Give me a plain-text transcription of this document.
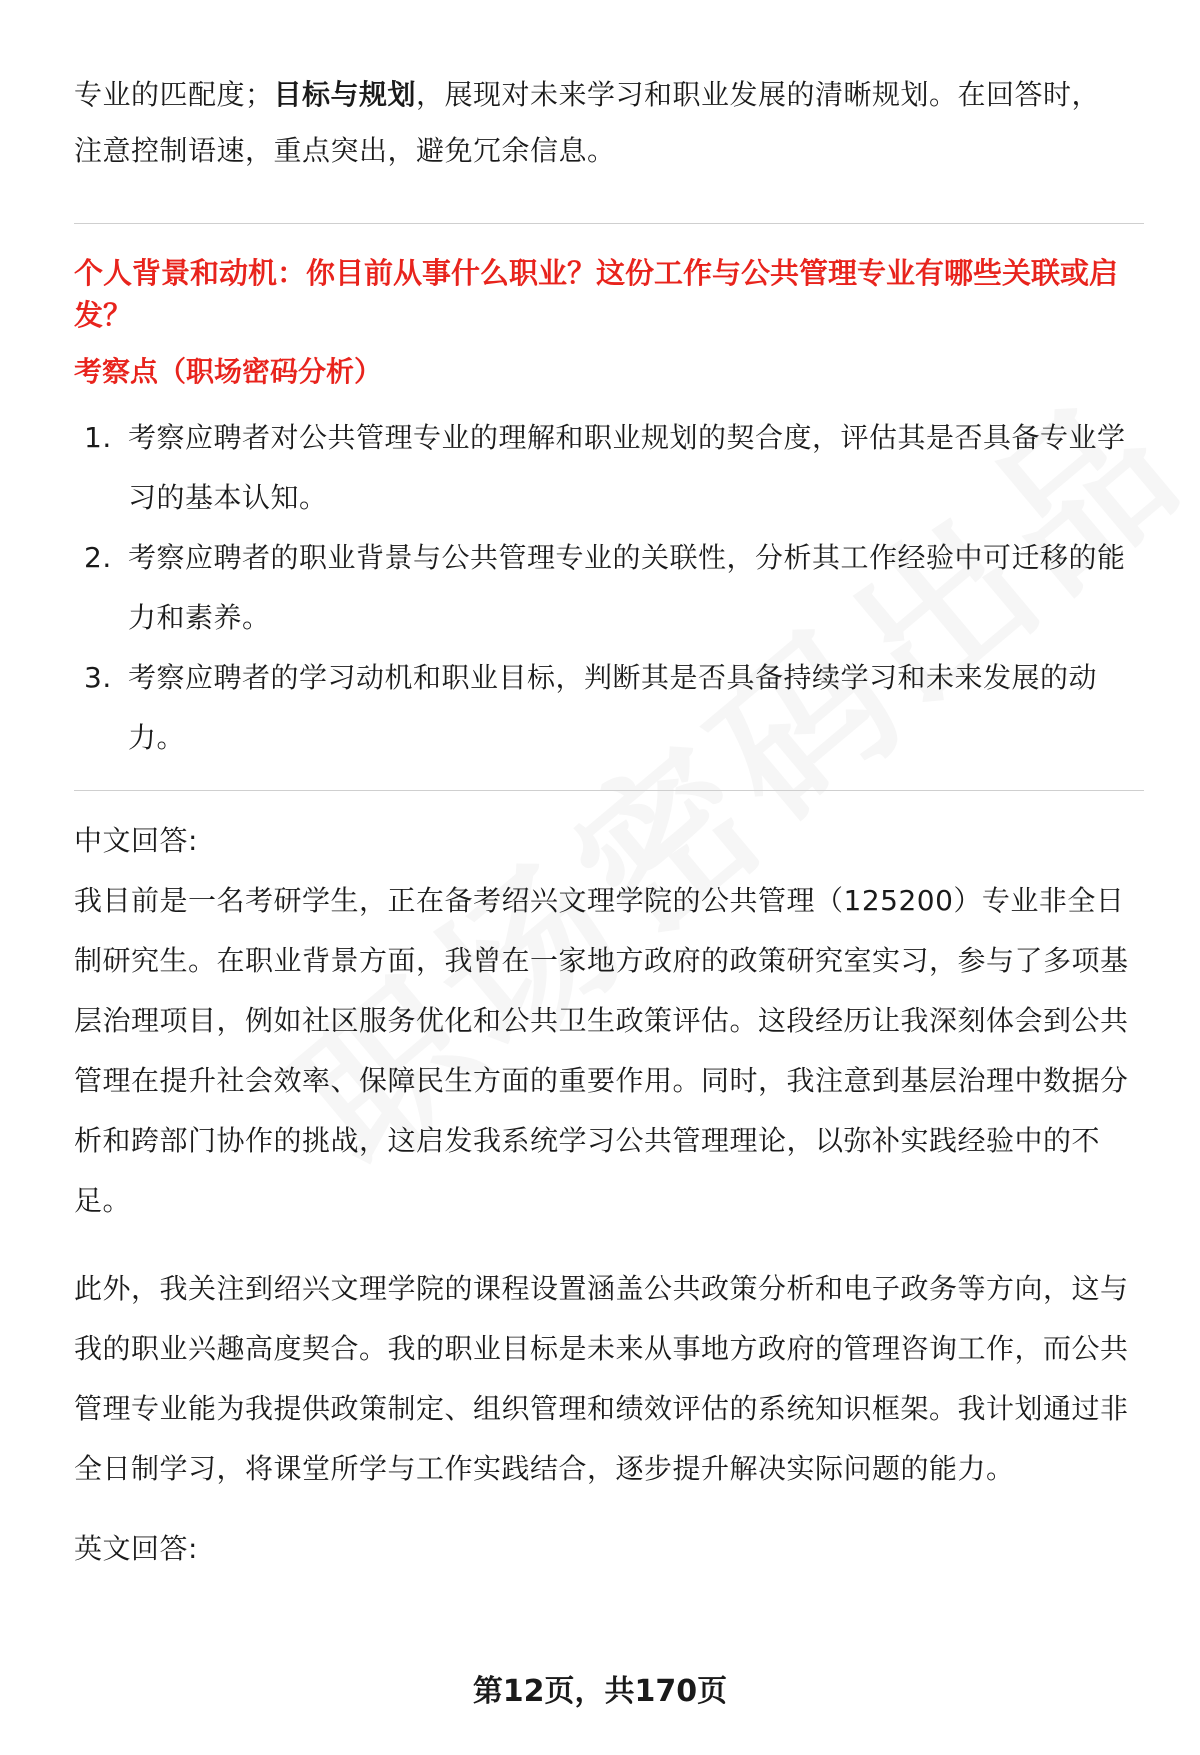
专业的匹配度；目标与规划，展现对未来学习和职业发展的清晰规划。在回答时，
注意控制语速，重点突出，避免冗余信息。

个人背景和动机：你目前从事什么职业？这份工作与公共管理专业有哪些关联或启发？

考察点（职场密码分析）

1. 考察应聘者对公共管理专业的理解和职业规划的契合度，评估其是否具备专业学习的基本认知。
2. 考察应聘者的职业背景与公共管理专业的关联性，分析其工作经验中可迁移的能力和素养。
3. 考察应聘者的学习动机和职业目标，判断其是否具备持续学习和未来发展的动力。

中文回答:

我目前是一名考研学生，正在备考绍兴文理学院的公共管理（125200）专业非全日制研究生。在职业背景方面，我曾在一家地方政府的政策研究室实习，参与了多项基层治理项目，例如社区服务优化和公共卫生政策评估。这段经历让我深刻体会到公共管理在提升社会效率、保障民生方面的重要作用。同时，我注意到基层治理中数据分析和跨部门协作的挑战，这启发我系统学习公共管理理论，以弥补实践经验中的不足。

此外，我关注到绍兴文理学院的课程设置涵盖公共政策分析和电子政务等方向，这与我的职业兴趣高度契合。我的职业目标是未来从事地方政府的管理咨询工作，而公共管理专业能为我提供政策制定、组织管理和绩效评估的系统知识框架。我计划通过非全日制学习，将课堂所学与工作实践结合，逐步提升解决实际问题的能力。

英文回答:

第12页，共170页
